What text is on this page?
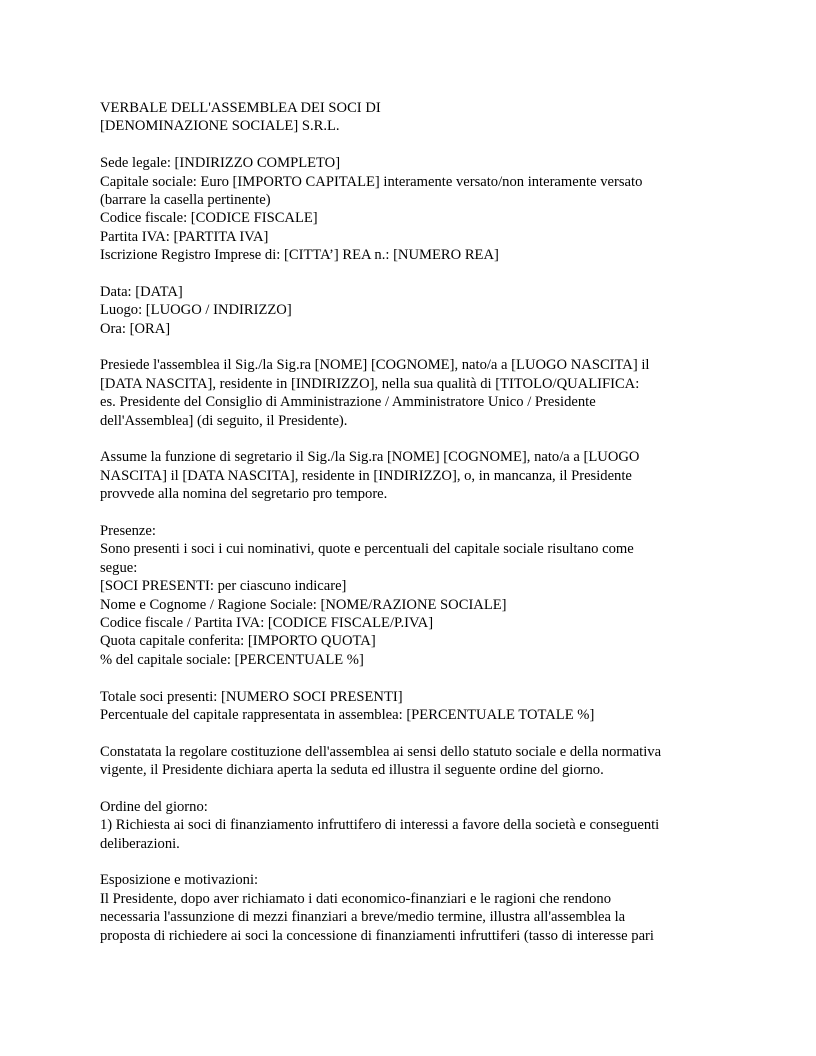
VERBALE DELL'ASSEMBLEA DEI SOCI DI
[DENOMINAZIONE SOCIALE] S.R.L.
Sede legale: [INDIRIZZO COMPLETO]
Capitale sociale: Euro [IMPORTO CAPITALE] interamente versato/non interamente versato
(barrare la casella pertinente)
Codice fiscale: [CODICE FISCALE]
Partita IVA: [PARTITA IVA]
Iscrizione Registro Imprese di: [CITTA’] REA n.: [NUMERO REA]
Data: [DATA]
Luogo: [LUOGO / INDIRIZZO]
Ora: [ORA]
Presiede l'assemblea il Sig./la Sig.ra [NOME] [COGNOME], nato/a a [LUOGO NASCITA] il
[DATA NASCITA], residente in [INDIRIZZO], nella sua qualità di [TITOLO/QUALIFICA:
es. Presidente del Consiglio di Amministrazione / Amministratore Unico / Presidente
dell'Assemblea] (di seguito, il Presidente).
Assume la funzione di segretario il Sig./la Sig.ra [NOME] [COGNOME], nato/a a [LUOGO
NASCITA] il [DATA NASCITA], residente in [INDIRIZZO], o, in mancanza, il Presidente
provvede alla nomina del segretario pro tempore.
Presenze:
Sono presenti i soci i cui nominativi, quote e percentuali del capitale sociale risultano come
segue:
[SOCI PRESENTI: per ciascuno indicare]
Nome e Cognome / Ragione Sociale: [NOME/RAZIONE SOCIALE]
Codice fiscale / Partita IVA: [CODICE FISCALE/P.IVA]
Quota capitale conferita: [IMPORTO QUOTA]
% del capitale sociale: [PERCENTUALE %]
Totale soci presenti: [NUMERO SOCI PRESENTI]
Percentuale del capitale rappresentata in assemblea: [PERCENTUALE TOTALE %]
Constatata la regolare costituzione dell'assemblea ai sensi dello statuto sociale e della normativa
vigente, il Presidente dichiara aperta la seduta ed illustra il seguente ordine del giorno.
Ordine del giorno:
1) Richiesta ai soci di finanziamento infruttifero di interessi a favore della società e conseguenti
deliberazioni.
Esposizione e motivazioni:
Il Presidente, dopo aver richiamato i dati economico-finanziari e le ragioni che rendono
necessaria l'assunzione di mezzi finanziari a breve/medio termine, illustra all'assemblea la
proposta di richiedere ai soci la concessione di finanziamenti infruttiferi (tasso di interesse pari
